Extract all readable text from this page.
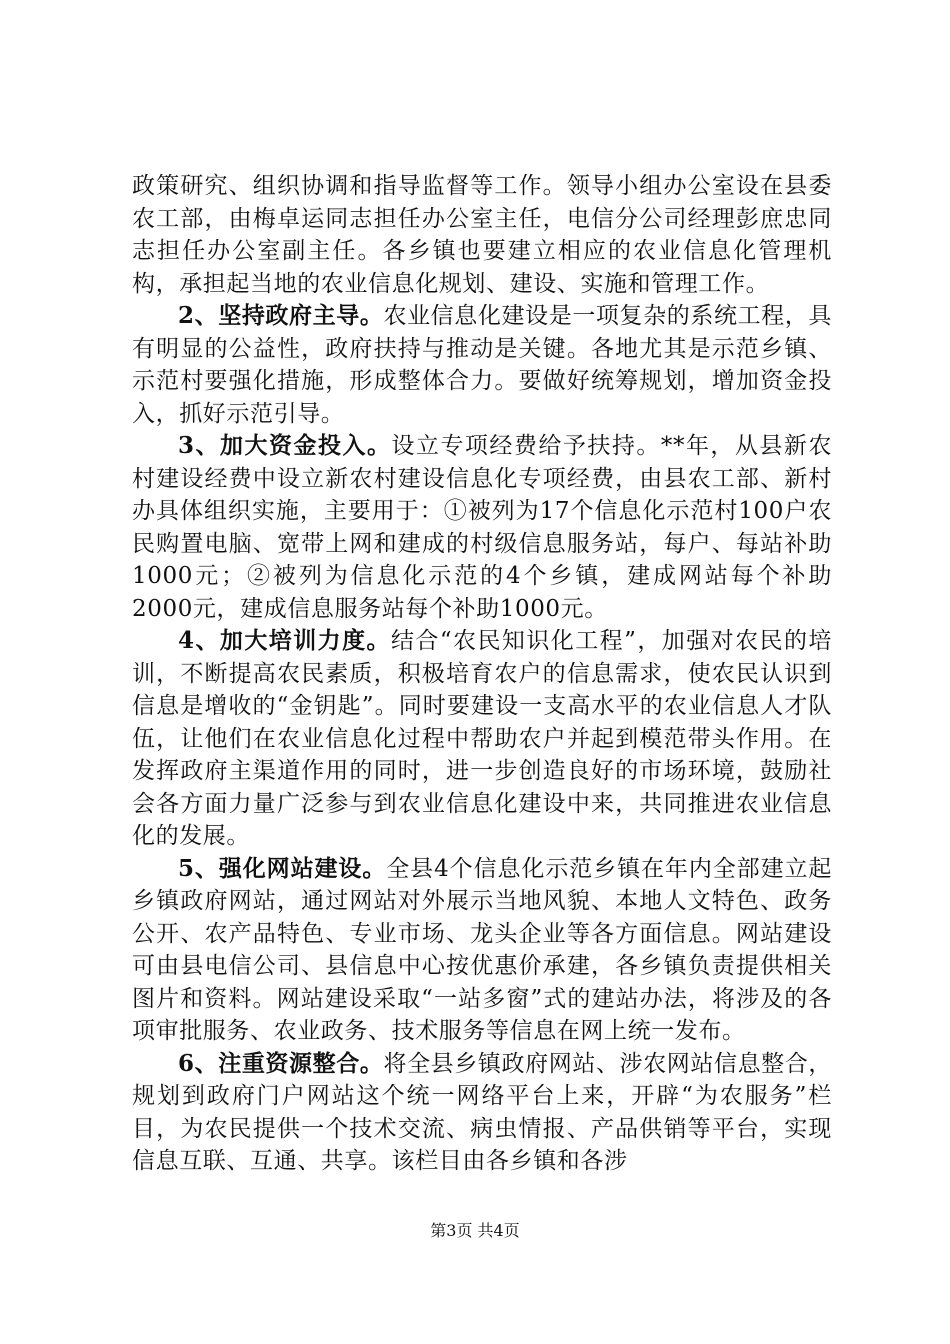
政策研究、组织协调和指导监督等工作。领导小组办公室设在县委农工部，由梅卓运同志担任办公室主任，电信分公司经理彭庶忠同志担任办公室副主任。各乡镇也要建立相应的农业信息化管理机构，承担起当地的农业信息化规划、建设、实施和管理工作。

2、坚持政府主导。农业信息化建设是一项复杂的系统工程，具有明显的公益性，政府扶持与推动是关键。各地尤其是示范乡镇、示范村要强化措施，形成整体合力。要做好统筹规划，增加资金投入，抓好示范引导。

3、加大资金投入。设立专项经费给予扶持。**年，从县新农村建设经费中设立新农村建设信息化专项经费，由县农工部、新村办具体组织实施，主要用于：①被列为17个信息化示范村100户农民购置电脑、宽带上网和建成的村级信息服务站，每户、每站补助1000元；②被列为信息化示范的4个乡镇，建成网站每个补助2000元，建成信息服务站每个补助1000元。

4、加大培训力度。结合“农民知识化工程”，加强对农民的培训，不断提高农民素质，积极培育农户的信息需求，使农民认识到信息是增收的“金钥匙”。同时要建设一支高水平的农业信息人才队伍，让他们在农业信息化过程中帮助农户并起到模范带头作用。在发挥政府主渠道作用的同时，进一步创造良好的市场环境，鼓励社会各方面力量广泛参与到农业信息化建设中来，共同推进农业信息化的发展。

5、强化网站建设。全县4个信息化示范乡镇在年内全部建立起乡镇政府网站，通过网站对外展示当地风貌、本地人文特色、政务公开、农产品特色、专业市场、龙头企业等各方面信息。网站建设可由县电信公司、县信息中心按优惠价承建，各乡镇负责提供相关图片和资料。网站建设采取“一站多窗”式的建站办法，将涉及的各项审批服务、农业政务、技术服务等信息在网上统一发布。

6、注重资源整合。将全县乡镇政府网站、涉农网站信息整合，规划到政府门户网站这个统一网络平台上来，开辟“为农服务”栏目，为农民提供一个技术交流、病虫情报、产品供销等平台，实现信息互联、互通、共享。该栏目由各乡镇和各涉

第3页 共4页
